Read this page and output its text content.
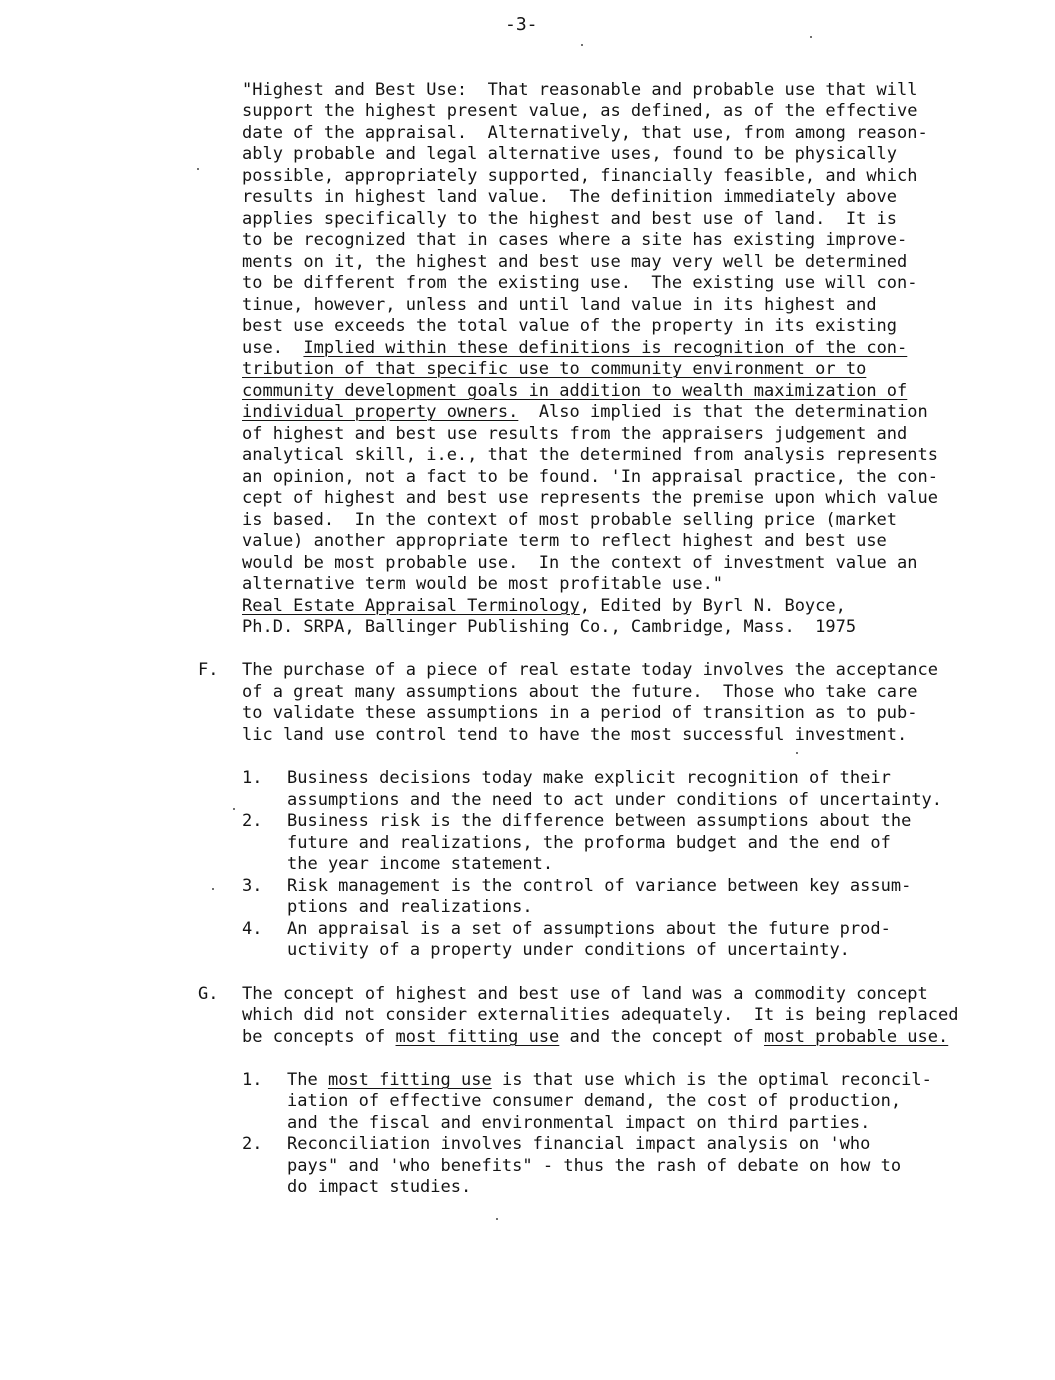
-3-
"Highest and Best Use:  That reasonable and probable use that will
support the highest present value, as defined, as of the effective
date of the appraisal.  Alternatively, that use, from among reason-
ably probable and legal alternative uses, found to be physically
possible, appropriately supported, financially feasible, and which
results in highest land value.  The definition immediately above
applies specifically to the highest and best use of land.  It is
to be recognized that in cases where a site has existing improve-
ments on it, the highest and best use may very well be determined
to be different from the existing use.  The existing use will con-
tinue, however, unless and until land value in its highest and
best use exceeds the total value of the property in its existing
use.  Implied within these definitions is recognition of the con-
tribution of that specific use to community environment or to
community development goals in addition to wealth maximization of
individual property owners.  Also implied is that the determination
of highest and best use results from the appraisers judgement and
analytical skill, i.e., that the determined from analysis represents
an opinion, not a fact to be found. 'In appraisal practice, the con-
cept of highest and best use represents the premise upon which value
is based.  In the context of most probable selling price (market
value) another appropriate term to reflect highest and best use
would be most probable use.  In the context of investment value an
alternative term would be most profitable use."
Real Estate Appraisal Terminology, Edited by Byrl N. Boyce,
Ph.D. SRPA, Ballinger Publishing Co., Cambridge, Mass.  1975
F. The purchase of a piece of real estate today involves the acceptance
of a great many assumptions about the future.  Those who take care
to validate these assumptions in a period of transition as to pub-
lic land use control tend to have the most successful investment.
1. Business decisions today make explicit recognition of their
assumptions and the need to act under conditions of uncertainty.
2. Business risk is the difference between assumptions about the
future and realizations, the proforma budget and the end of
the year income statement.
3. Risk management is the control of variance between key assum-
ptions and realizations.
4. An appraisal is a set of assumptions about the future prod-
uctivity of a property under conditions of uncertainty.
G. The concept of highest and best use of land was a commodity concept
which did not consider externalities adequately.  It is being replaced
be concepts of most fitting use and the concept of most probable use.
1. The most fitting use is that use which is the optimal reconcil-
iation of effective consumer demand, the cost of production,
and the fiscal and environmental impact on third parties.
2. Reconciliation involves financial impact analysis on 'who
pays" and 'who benefits" - thus the rash of debate on how to
do impact studies.
